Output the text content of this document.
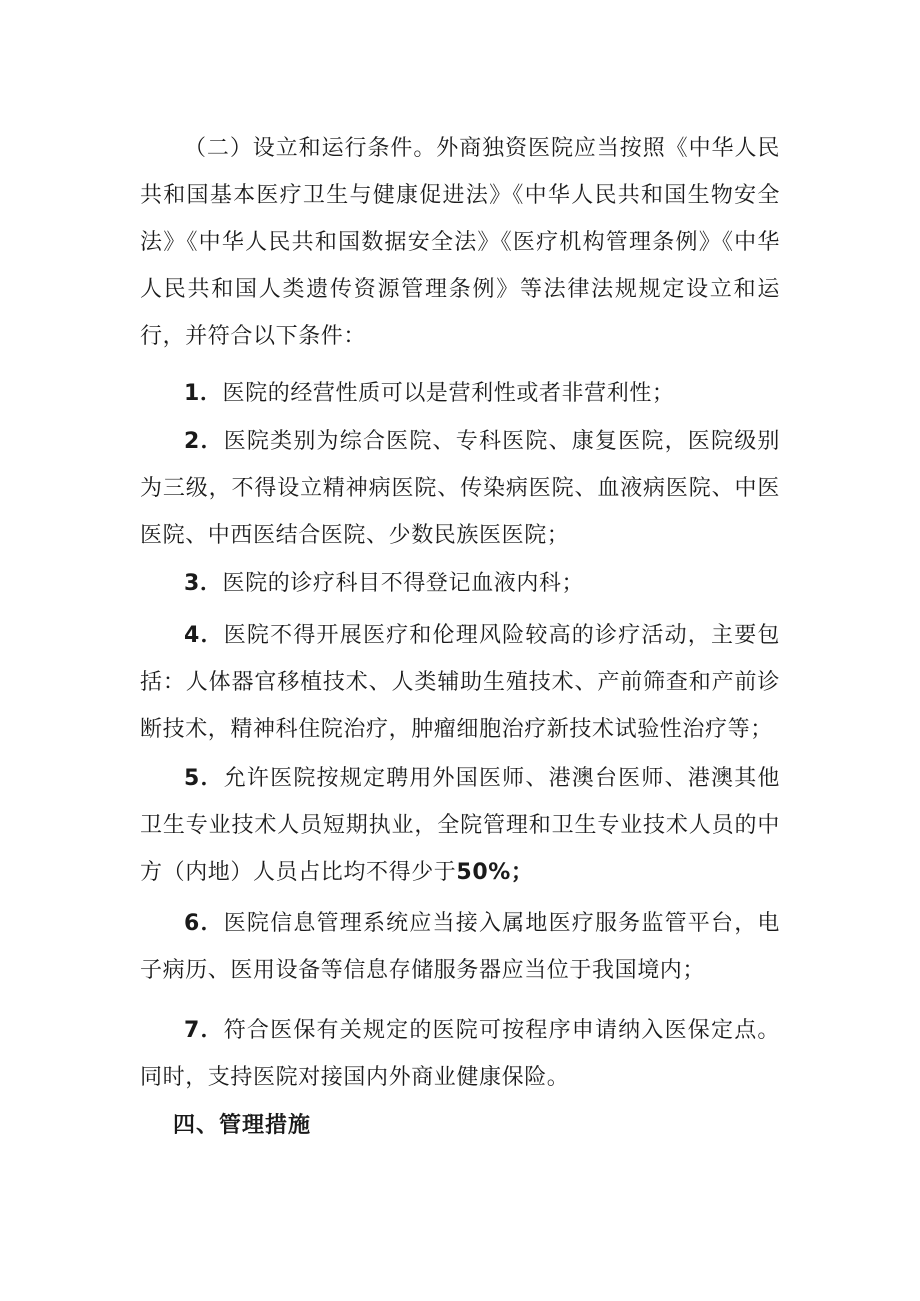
（二）设立和运行条件。外商独资医院应当按照《中华人民共和国基本医疗卫生与健康促进法》《中华人民共和国生物安全法》《中华人民共和国数据安全法》《医疗机构管理条例》《中华人民共和国人类遗传资源管理条例》等法律法规规定设立和运行，并符合以下条件：

1．医院的经营性质可以是营利性或者非营利性；

2．医院类别为综合医院、专科医院、康复医院，医院级别为三级，不得设立精神病医院、传染病医院、血液病医院、中医医院、中西医结合医院、少数民族医医院；

3．医院的诊疗科目不得登记血液内科；

4．医院不得开展医疗和伦理风险较高的诊疗活动，主要包括：人体器官移植技术、人类辅助生殖技术、产前筛查和产前诊断技术，精神科住院治疗，肿瘤细胞治疗新技术试验性治疗等；

5．允许医院按规定聘用外国医师、港澳台医师、港澳其他卫生专业技术人员短期执业，全院管理和卫生专业技术人员的中方（内地）人员占比均不得少于50%；

6．医院信息管理系统应当接入属地医疗服务监管平台，电子病历、医用设备等信息存储服务器应当位于我国境内；

7．符合医保有关规定的医院可按程序申请纳入医保定点。同时，支持医院对接国内外商业健康保险。

四、管理措施
